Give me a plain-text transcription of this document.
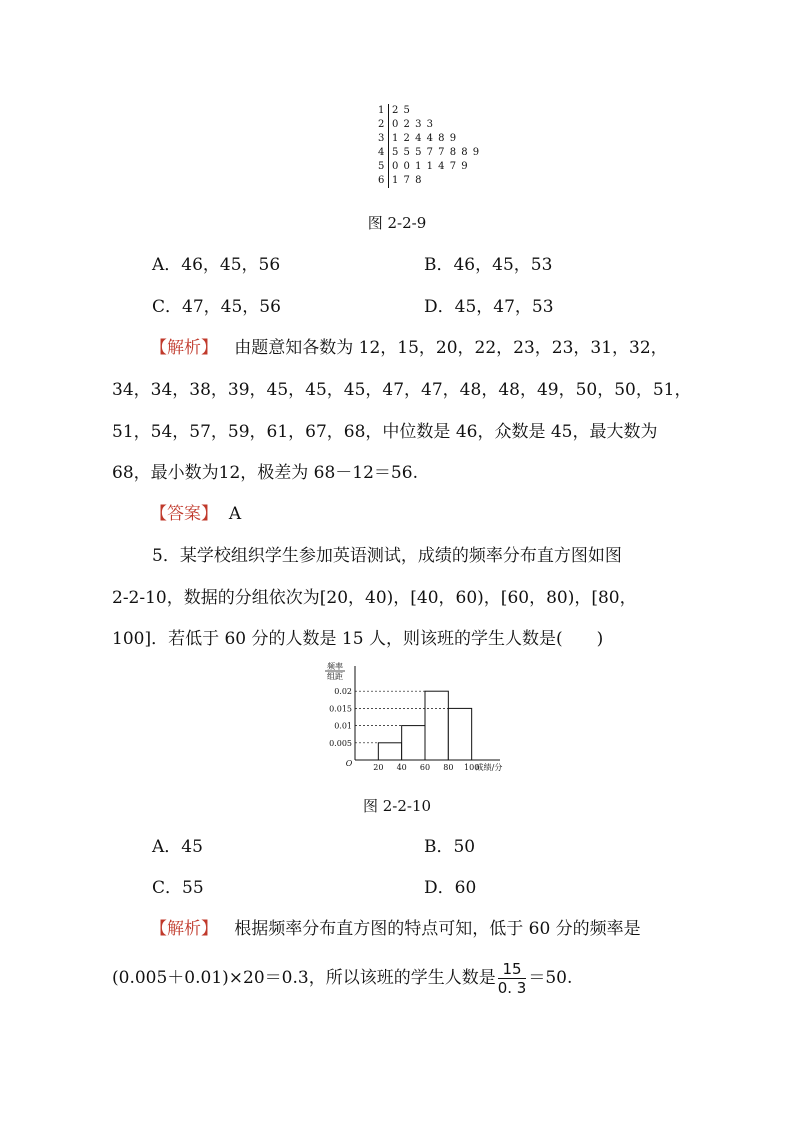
1 2 5
2 0 2 3 3
3 1 2 4 4 8 9
4 5 5 5 7 7 8 8 9
5 0 0 1 1 4 7 9
6 1 7 8
图 2-2-9
A．46，45，56	B．46，45，53
C．47，45，56	D．45，47，53
【解析】 由题意知各数为 12，15，20，22，23，23，31，32，
34，34，38，39，45，45，45，47，47，48，48，49，50，50，51，
51，54，57，59，61，67，68，中位数是 46，众数是 45，最大数为
68，最小数为12，极差为 68－12＝56.
【答案】 A
5．某学校组织学生参加英语测试，成绩的频率分布直方图如图
2-2-10，数据的分组依次为[20，40)，[40，60)，[60，80)，[80，
100]．若低于 60 分的人数是 15 人，则该班的学生人数是(　　)
0.005
0.01
0.015
0.02
20 40 60 80 100
O	成绩/分
频率
组距
图 2-2-10
A．45	B．50
C．55	D．60
【解析】 根据频率分布直方图的特点可知，低于 60 分的频率是
(0.005＋0.01)×20＝0.3，所以该班的学生人数是 $\frac{15}{0. 3} =50$.
